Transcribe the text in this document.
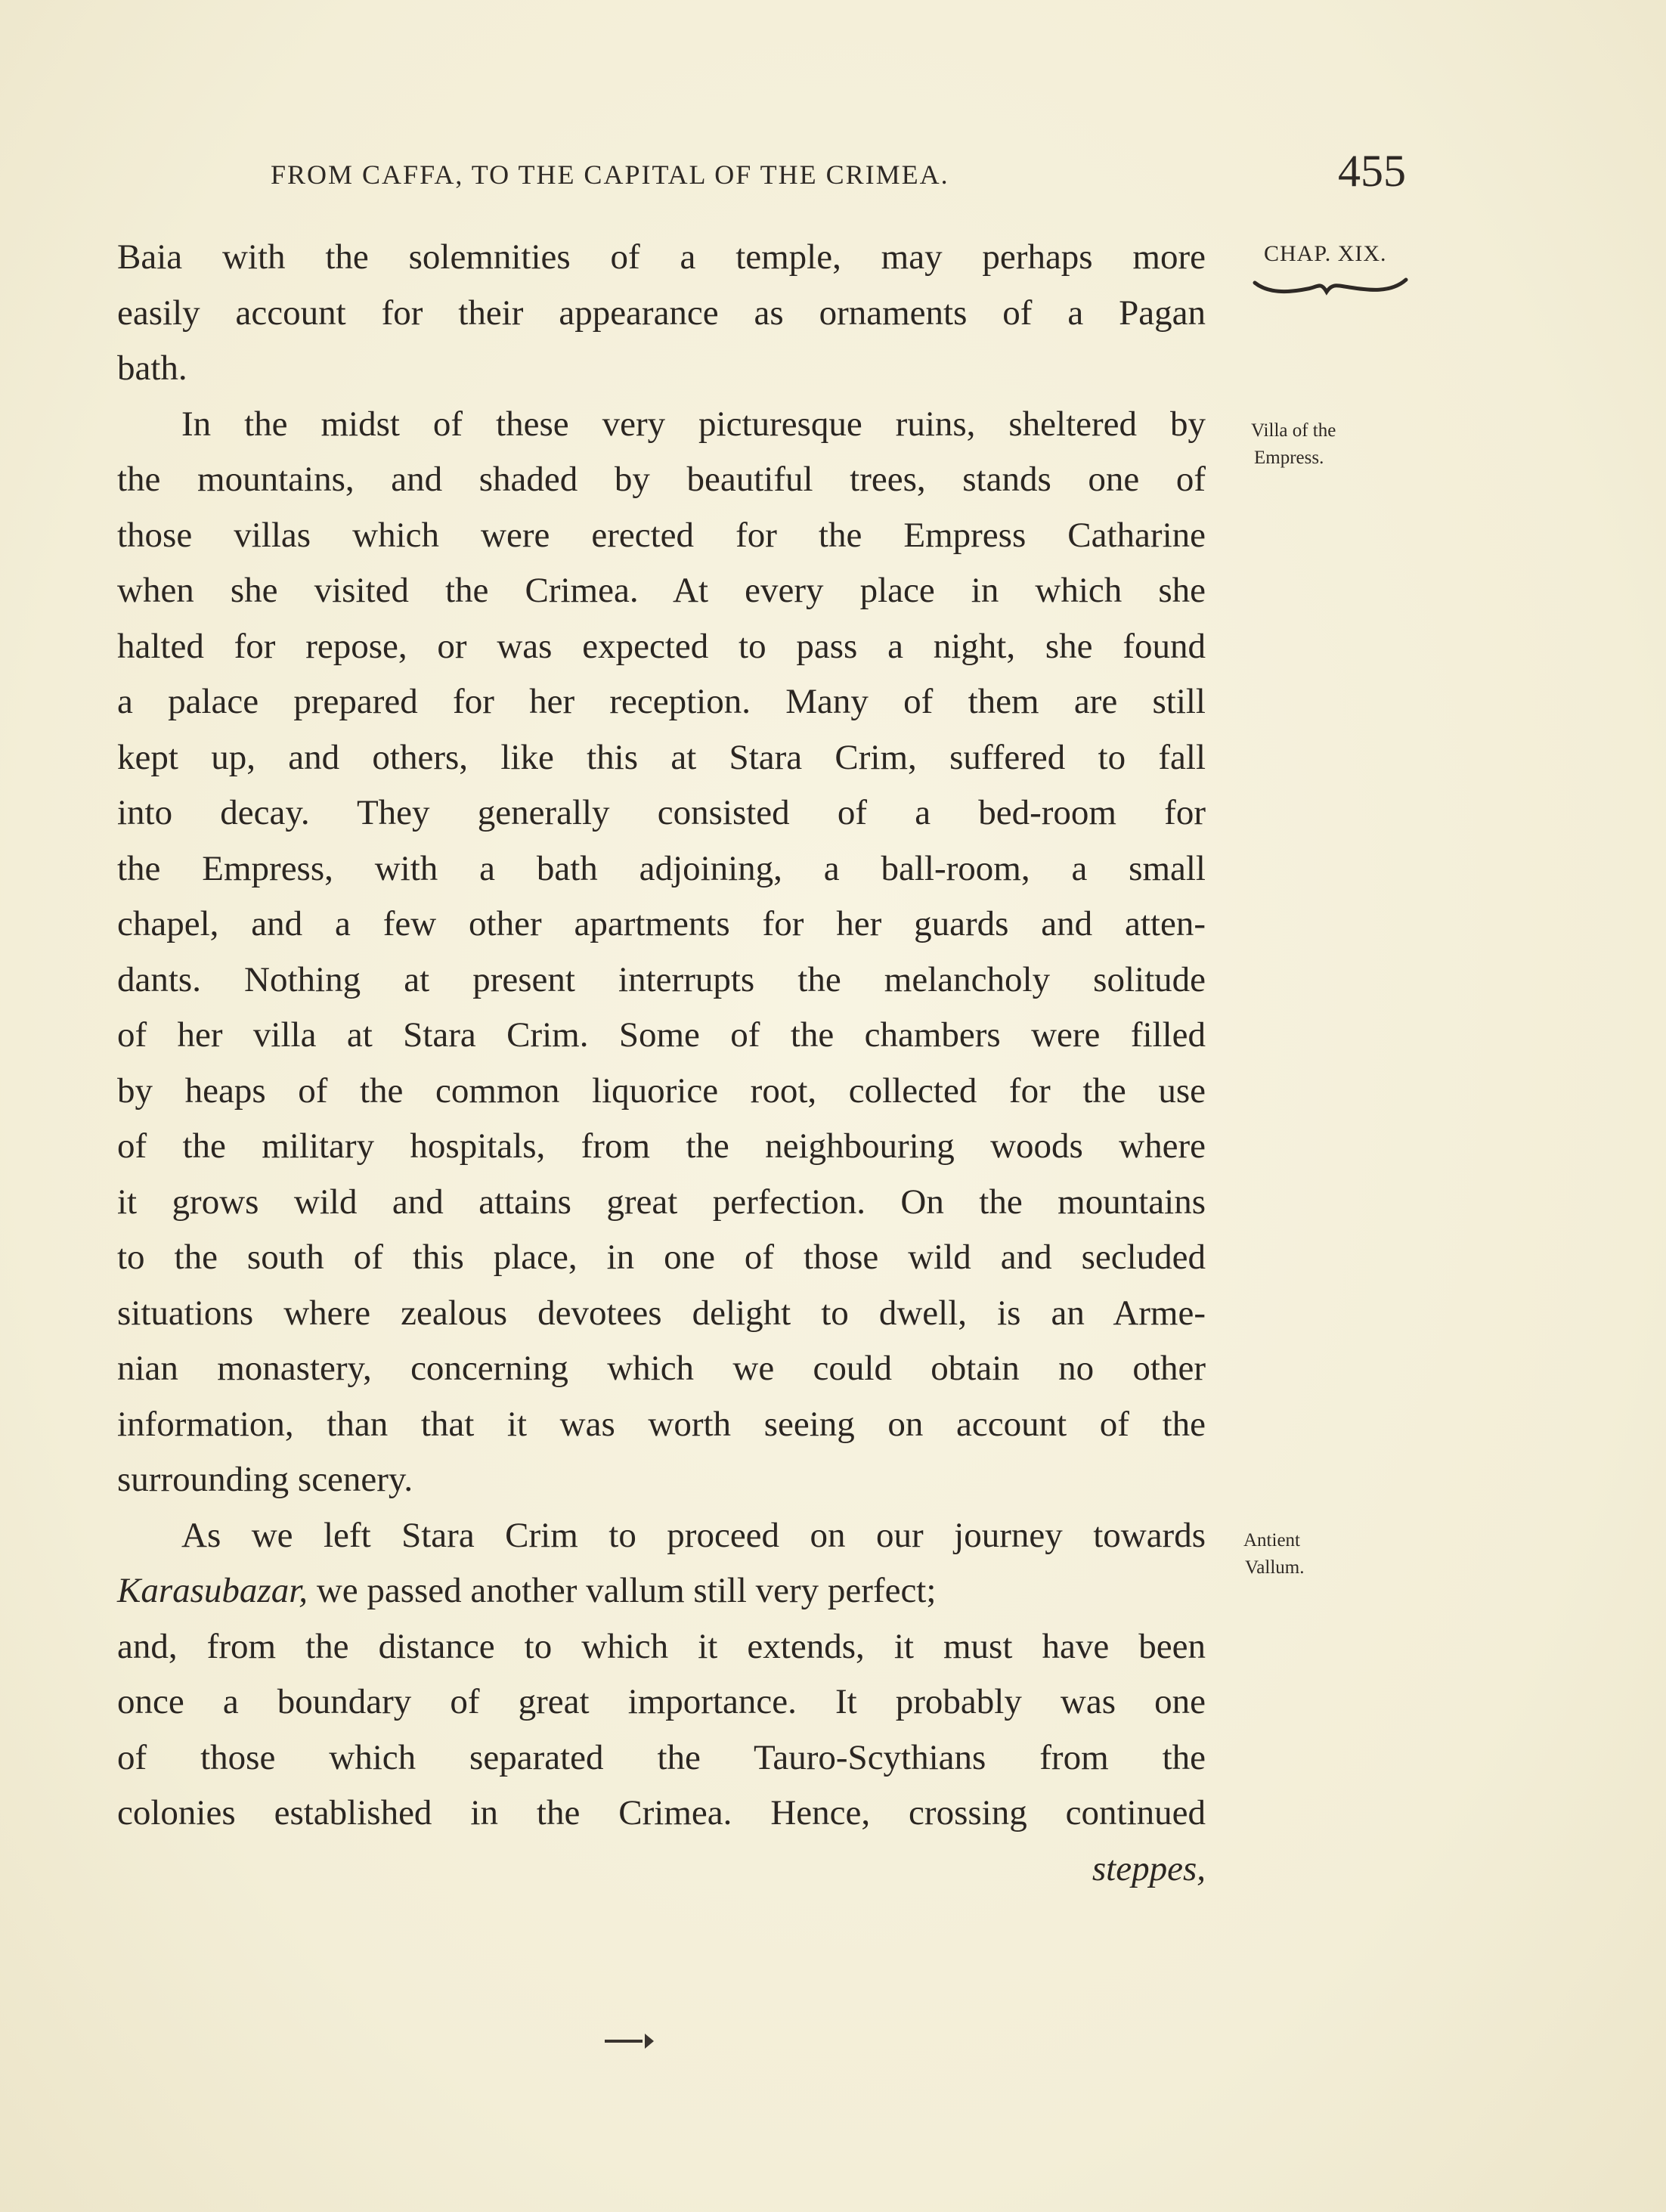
FROM CAFFA, TO THE CAPITAL OF THE CRIMEA.	455
CHAP. XIX.
Villa of the
Empress.
Antient
Vallum.
Baia with the solemnities of a temple, may perhaps more
easily account for their appearance as ornaments of a Pagan
bath.
In the midst of these very picturesque ruins, sheltered by
the mountains, and shaded by beautiful trees, stands one of
those villas which were erected for the Empress Catharine
when she visited the Crimea. At every place in which she
halted for repose, or was expected to pass a night, she found
a palace prepared for her reception. Many of them are still
kept up, and others, like this at Stara Crim, suffered to fall
into decay. They generally consisted of a bed-room for
the Empress, with a bath adjoining, a ball-room, a small
chapel, and a few other apartments for her guards and atten-
dants. Nothing at present interrupts the melancholy solitude
of her villa at Stara Crim. Some of the chambers were filled
by heaps of the common liquorice root, collected for the use
of the military hospitals, from the neighbouring woods where
it grows wild and attains great perfection. On the mountains
to the south of this place, in one of those wild and secluded
situations where zealous devotees delight to dwell, is an Arme-
nian monastery, concerning which we could obtain no other
information, than that it was worth seeing on account of the
surrounding scenery.
As we left Stara Crim to proceed on our journey towards
Karasubazar, we passed another vallum still very perfect;
and, from the distance to which it extends, it must have been
once a boundary of great importance. It probably was one
of those which separated the Tauro-Scythians from the
colonies established in the Crimea. Hence, crossing continued
steppes,
